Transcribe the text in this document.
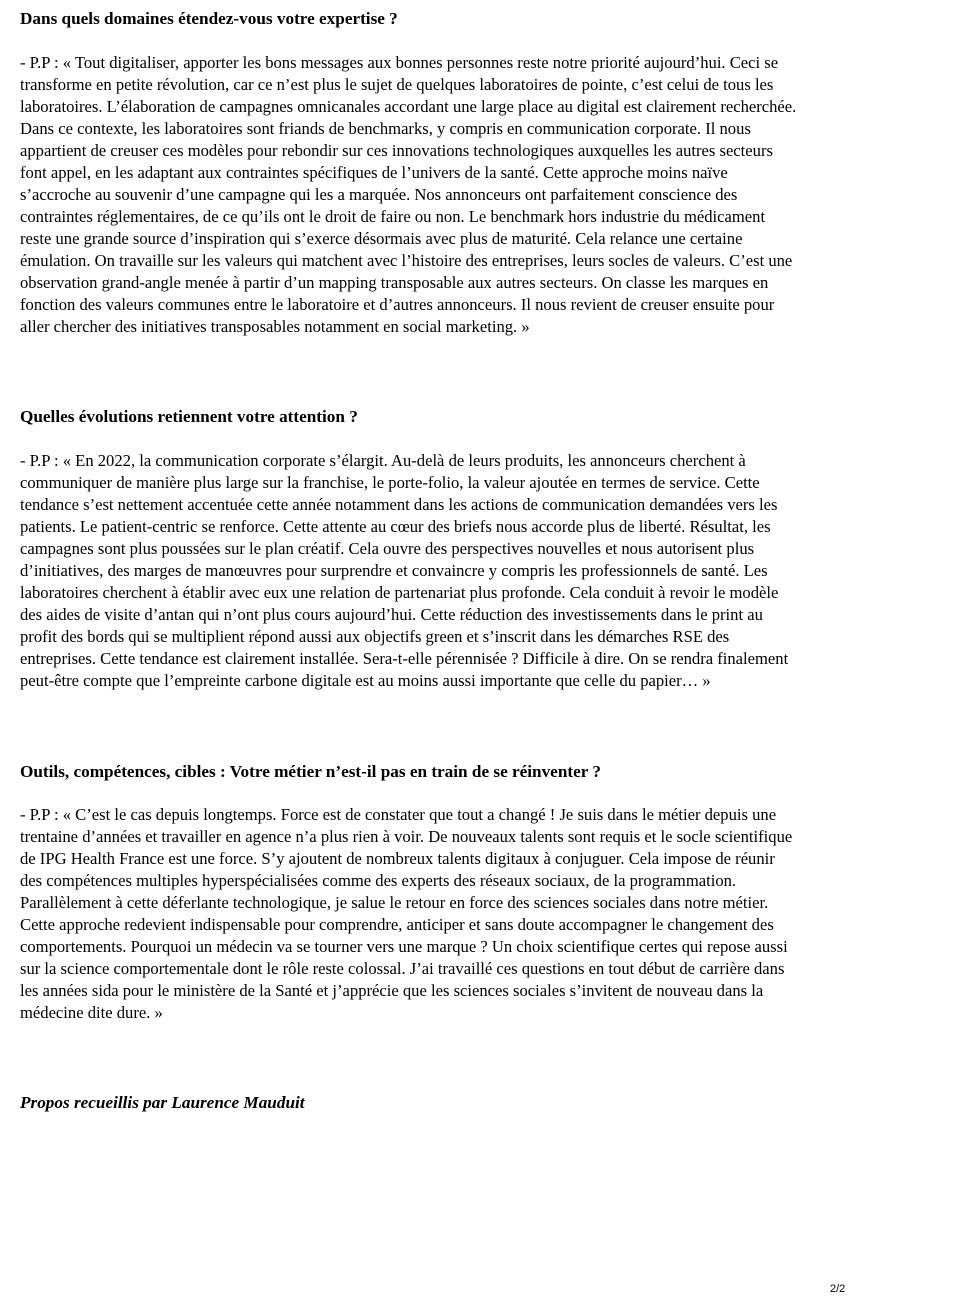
Dans quels domaines étendez-vous votre expertise ?
- P.P : « Tout digitaliser, apporter les bons messages aux bonnes personnes reste notre priorité aujourd’hui. Ceci se
transforme en petite révolution, car ce n’est plus le sujet de quelques laboratoires de pointe, c’est celui de tous les
laboratoires. L’élaboration de campagnes omnicanales accordant une large place au digital est clairement recherchée.
Dans ce contexte, les laboratoires sont friands de benchmarks, y compris en communication corporate. Il nous
appartient de creuser ces modèles pour rebondir sur ces innovations technologiques auxquelles les autres secteurs
font appel, en les adaptant aux contraintes spécifiques de l’univers de la santé. Cette approche moins naïve
s’accroche au souvenir d’une campagne qui les a marquée. Nos annonceurs ont parfaitement conscience des
contraintes réglementaires, de ce qu’ils ont le droit de faire ou non. Le benchmark hors industrie du médicament
reste une grande source d’inspiration qui s’exerce désormais avec plus de maturité. Cela relance une certaine
émulation. On travaille sur les valeurs qui matchent avec l’histoire des entreprises, leurs socles de valeurs. C’est une
observation grand-angle menée à partir d’un mapping transposable aux autres secteurs. On classe les marques en
fonction des valeurs communes entre le laboratoire et d’autres annonceurs. Il nous revient de creuser ensuite pour
aller chercher des initiatives transposables notamment en social marketing. »
Quelles évolutions retiennent votre attention ?
- P.P : « En 2022, la communication corporate s’élargit. Au-delà de leurs produits, les annonceurs cherchent à
communiquer de manière plus large sur la franchise, le porte-folio, la valeur ajoutée en termes de service. Cette
tendance s’est nettement accentuée cette année notamment dans les actions de communication demandées vers les
patients. Le patient-centric se renforce. Cette attente au cœur des briefs nous accorde plus de liberté. Résultat, les
campagnes sont plus poussées sur le plan créatif. Cela ouvre des perspectives nouvelles et nous autorisent plus
d’initiatives, des marges de manœuvres pour surprendre et convaincre y compris les professionnels de santé. Les
laboratoires cherchent à établir avec eux une relation de partenariat plus profonde. Cela conduit à revoir le modèle
des aides de visite d’antan qui n’ont plus cours aujourd’hui. Cette réduction des investissements dans le print au
profit des bords qui se multiplient répond aussi aux objectifs green et s’inscrit dans les démarches RSE des
entreprises. Cette tendance est clairement installée. Sera-t-elle pérennisée ? Difficile à dire. On se rendra finalement
peut-être compte que l’empreinte carbone digitale est au moins aussi importante que celle du papier… »
Outils, compétences, cibles : Votre métier n’est-il pas en train de se réinventer ?
- P.P : « C’est le cas depuis longtemps. Force est de constater que tout a changé ! Je suis dans le métier depuis une
trentaine d’années et travailler en agence n’a plus rien à voir. De nouveaux talents sont requis et le socle scientifique
de IPG Health France est une force. S’y ajoutent de nombreux talents digitaux à conjuguer. Cela impose de réunir
des compétences multiples hyperspécialisées comme des experts des réseaux sociaux, de la programmation.
Parallèlement à cette déferlante technologique, je salue le retour en force des sciences sociales dans notre métier.
Cette approche redevient indispensable pour comprendre, anticiper et sans doute accompagner le changement des
comportements. Pourquoi un médecin va se tourner vers une marque ? Un choix scientifique certes qui repose aussi
sur la science comportementale dont le rôle reste colossal. J’ai travaillé ces questions en tout début de carrière dans
les années sida pour le ministère de la Santé et j’apprécie que les sciences sociales s’invitent de nouveau dans la
médecine dite dure. »

Propos recueillis par Laurence Mauduit

2/2
